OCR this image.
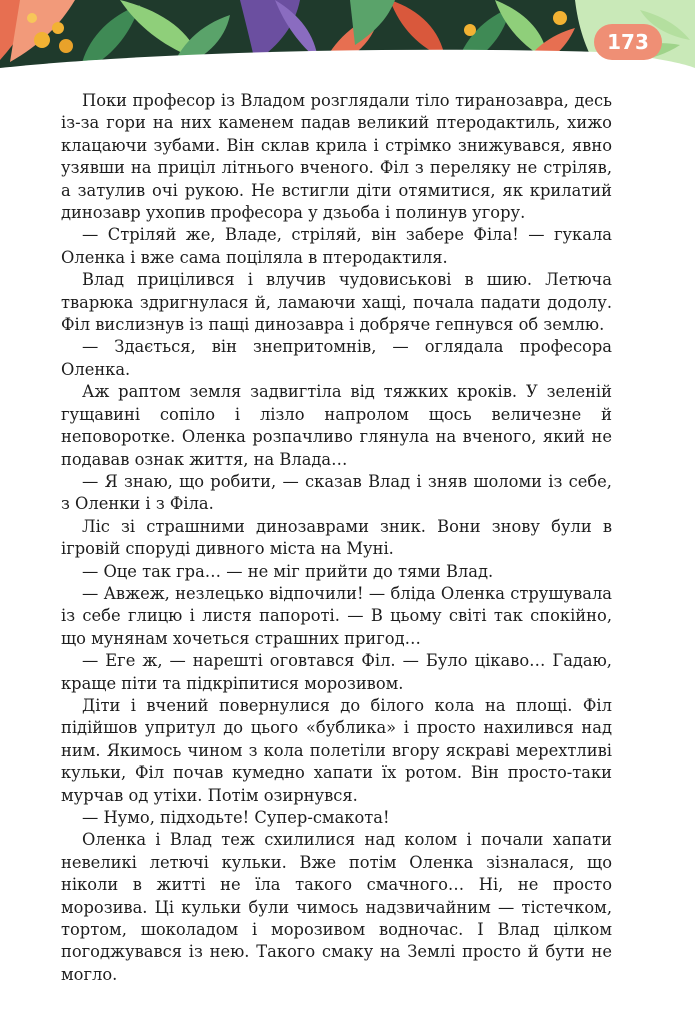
173

Поки професор із Владом розглядали тіло тиранозавра, десь із-за гори на них каменем падав великий птеродактиль, хижо клацаючи зубами. Він склав крила і стрімко знижувався, явно узявши на приціл літнього вченого. Філ з переляку не стріляв, а затулив очі рукою. Не встигли діти отямитися, як крилатий динозавр ухопив професора у дзьоба і полинув угору.

— Стріляй же, Владе, стріляй, він забере Філа! — гукала Оленка і вже сама поціляла в птеродактиля.

Влад прицілився і влучив чудовиськові в шию. Летюча тварюка здригнулася й, ламаючи хащі, почала падати додолу. Філ вислизнув із пащі динозавра і добряче гепнувся об землю.

— Здається, він знепритомнів, — оглядала професора Оленка.

Аж раптом земля задвигтіла від тяжких кроків. У зеленій гущавині сопіло і лізло напролом щось величезне й неповоротке. Оленка розпачливо глянула на вченого, який не подавав ознак життя, на Влада…

— Я знаю, що робити, — сказав Влад і зняв шоломи із себе, з Оленки і з Філа.

Ліс зі страшними динозаврами зник. Вони знову були в ігровій споруді дивного міста на Муні.

— Оце так гра… — не міг прийти до тями Влад.

— Авжеж, незлецько відпочили! — бліда Оленка струшувала із себе глицю і листя папороті. — В цьому світі так спокійно, що мунянам хочеться страшних пригод…

— Еге ж, — нарешті оговтався Філ. — Було цікаво… Гадаю, краще піти та підкріпитися морозивом.

Діти і вчений повернулися до білого кола на площі. Філ підійшов упритул до цього «бублика» і просто нахилився над ним. Якимось чином з кола полетіли вгору яскраві мерехтливі кульки, Філ почав кумедно хапати їх ротом. Він просто-таки мурчав од утіхи. Потім озирнувся.

— Нумо, підходьте! Супер-смакота!

Оленка і Влад теж схилилися над колом і почали хапати невеликі летючі кульки. Вже потім Оленка зізналася, що ніколи в житті не їла такого смачного… Ні, не просто морозива. Ці кульки були чимось надзвичайним — тістечком, тортом, шоколадом і морозивом водночас. І Влад цілком погоджувався із нею. Такого смаку на Землі просто й бути не могло.
